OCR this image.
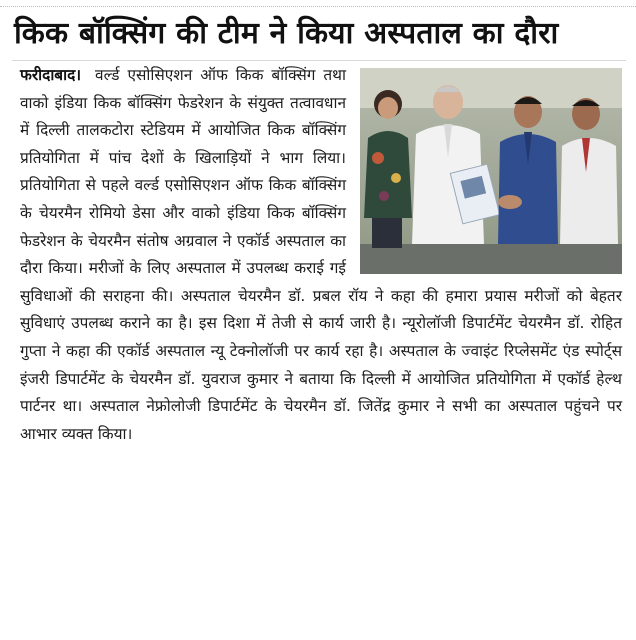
किक बॉक्सिंग की टीम ने किया अस्पताल का दौरा
फरीदाबाद। वर्ल्ड एसोसिएशन ऑफ किक बॉक्सिंग तथा वाको इंडिया किक बॉक्सिंग फेडरेशन के संयुक्त तत्वावधान में दिल्ली तालकटोरा स्टेडियम में आयोजित किक बॉक्सिंग प्रतियोगिता में पांच देशों के खिलाड़ियों ने भाग लिया। प्रतियोगिता से पहले वर्ल्ड एसोसिएशन ऑफ किक बॉक्सिंग के चेयरमैन रोमियो डेसा और वाको इंडिया किक बॉक्सिंग फेडरेशन के चेयरमैन संतोष अग्रवाल ने एकॉर्ड अस्पताल का दौरा किया। मरीजों के लिए अस्पताल में उपलब्ध कराई गई सुविधाओं की सराहना की। अस्पताल चेयरमैन डॉ. प्रबल रॉय ने कहा की हमारा प्रयास मरीजों को बेहतर सुविधाएं उपलब्ध कराने का है। इस दिशा में तेजी से कार्य जारी है। न्यूरोलॉजी डिपार्टमेंट चेयरमैन डॉ. रोहित गुप्ता ने कहा की एकॉर्ड अस्पताल न्यू टेक्नोलॉजी पर कार्य रहा है। अस्पताल के ज्वाइंट रिप्लेसमेंट एंड स्पोर्ट्स इंजरी डिपार्टमेंट के चेयरमैन डॉ. युवराज कुमार ने बताया कि दिल्ली में आयोजित प्रतियोगिता में एकॉर्ड हेल्थ पार्टनर था। अस्पताल नेफ्रोलोजी डिपार्टमेंट के चेयरमैन डॉ. जितेंद्र कुमार ने सभी का अस्पताल पहुंचने पर आभार व्यक्त किया।
